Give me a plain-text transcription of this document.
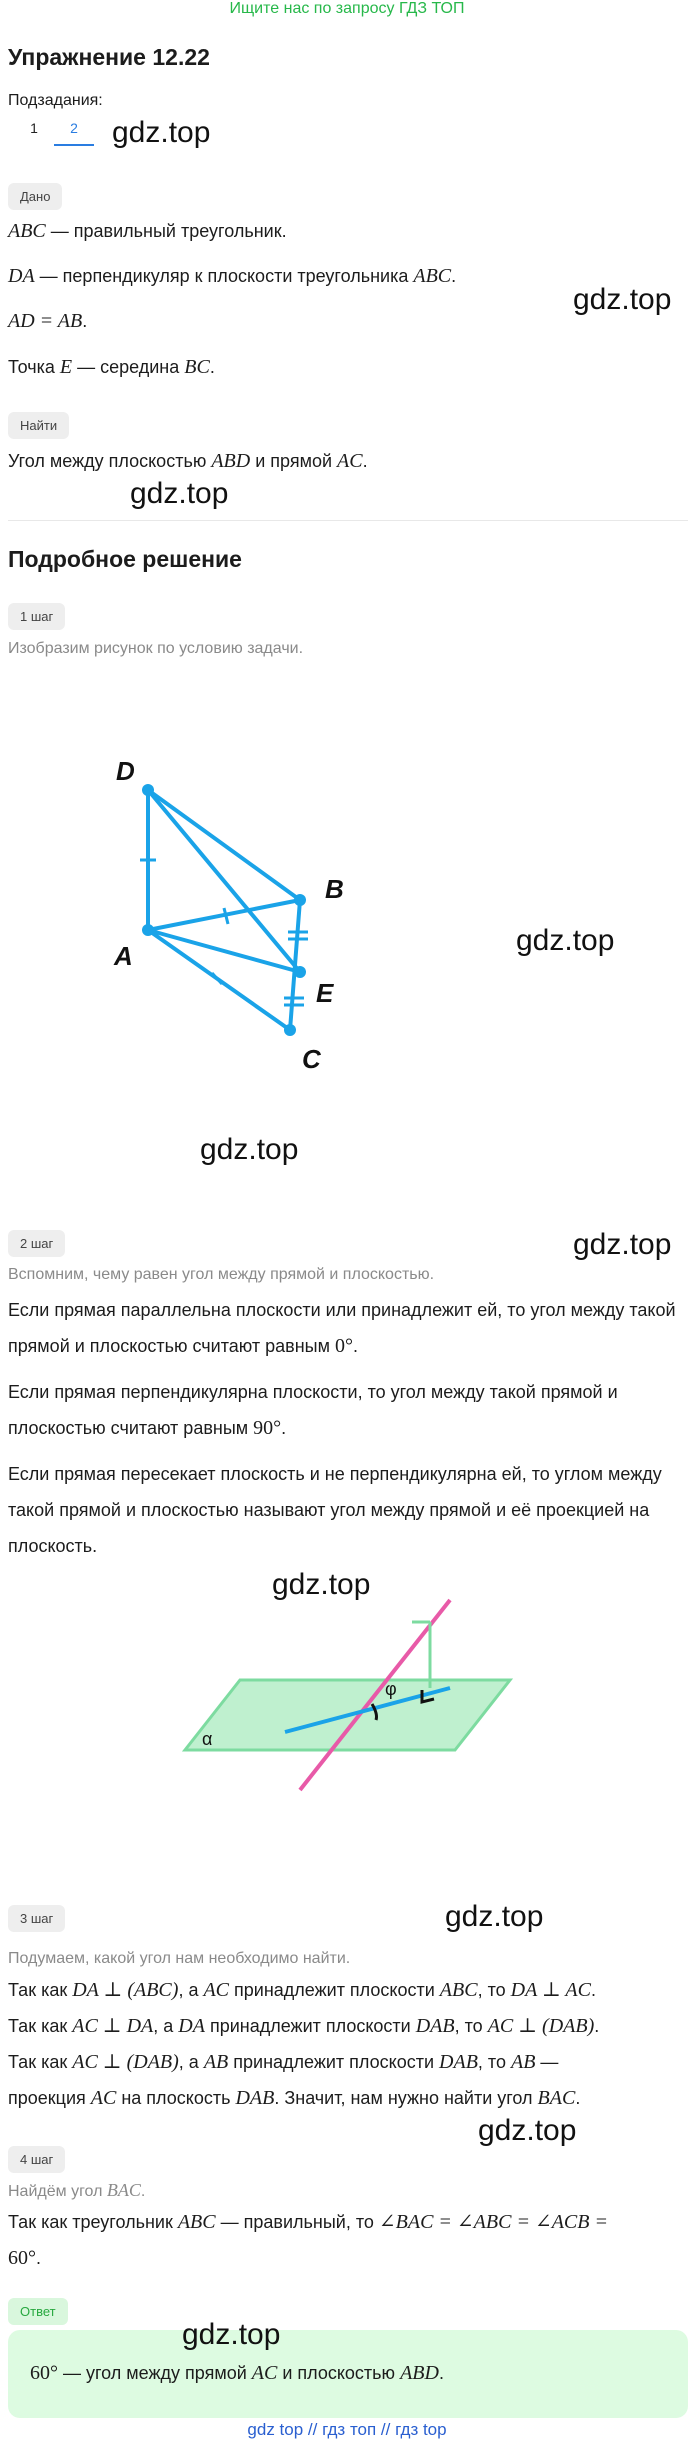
Ищите нас по запросу ГДЗ ТОП
Упражнение 12.22
Подзадания:
1	2	gdz.top
Дано
ABC — правильный треугольник.
DA — перпендикуляр к плоскости треугольника ABC.
gdz.top
AD = AB.
Точка E — середина BC.
Найти
Угол между плоскостью ABD и прямой AC.
gdz.top
Подробное решение
1 шаг
Изобразим рисунок по условию задачи.
D
B
A
E
C
gdz.top
gdz.top
2 шаг	gdz.top
Вспомним, чему равен угол между прямой и плоскостью.
Если прямая параллельна плоскости или принадлежит ей, то угол между такой
прямой и плоскостью считают равным 0°.
Если прямая перпендикулярна плоскости, то угол между такой прямой и
плоскостью считают равным 90°.
Если прямая пересекает плоскость и не перпендикулярна ей, то углом между
такой прямой и плоскостью называют угол между прямой и её проекцией на
плоскость.
gdz.top
α
φ
3 шаг	gdz.top
Подумаем, какой угол нам необходимо найти.
Так как DA ⊥ (ABC), а AC принадлежит плоскости ABC, то DA ⊥ AC.
Так как AC ⊥ DA, а DA принадлежит плоскости DAB, то AC ⊥ (DAB).
Так как AC ⊥ (DAB), а AB принадлежит плоскости DAB, то AB —
проекция AC на плоскость DAB. Значит, нам нужно найти угол BAC.
gdz.top
4 шаг
Найдём угол BAC.
Так как треугольник ABC — правильный, то ∠BAC = ∠ABC = ∠ACB =
60°.
Ответ
gdz.top
60° — угол между прямой AC и плоскостью ABD.
gdz top // гдз топ // гдз top
